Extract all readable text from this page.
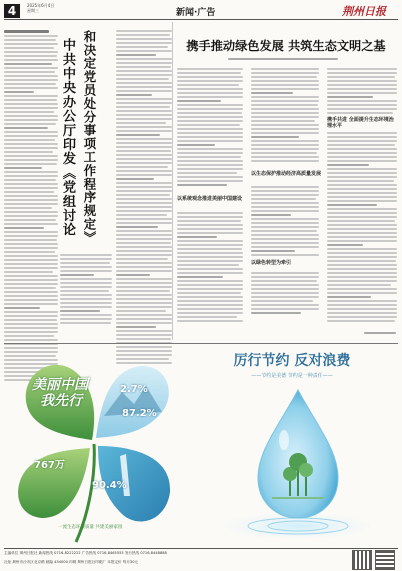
4	2025年6月4日
星期三	新闻·广告	荆州日报
中共中央办公厅印发《党组讨论 和决定党员处分事项工作程序规定》	携手推动绿色发展 共筑生态文明之基
以系统观念推进美丽中国建设
以生态保护推动经济高质量发展
以绿色转型为牵引
携手共进 全面提升生态环境治理水平
美丽中国
我先行
2.7%
87.2%
767万
90.4%
一流生态环境质量 共建美丽家园
厉行节约 反对浪费
——节约是美德 节约是一种责任——
主编单位 荆州日报社 新闻热线 0716-8222222 广告热线 0716-8465555 发行热线 0716-8448888
社址 荆州市沙市区北京路 邮编 434000 印刷 荆州日报社印刷厂 本报定价 每月30元
